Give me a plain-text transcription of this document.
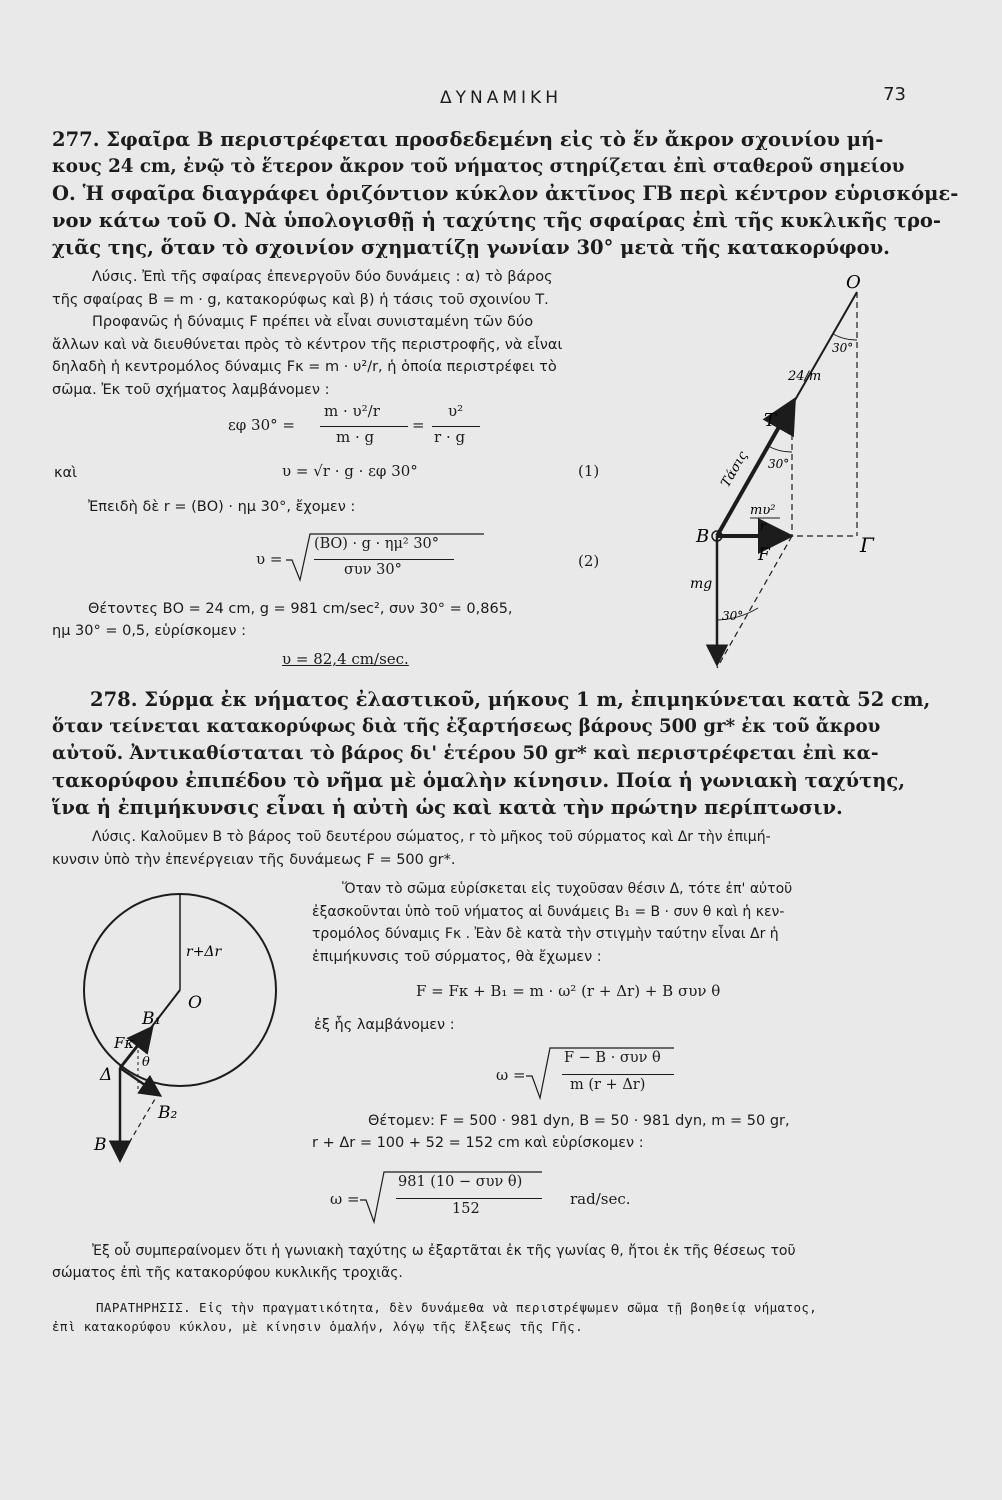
ΔΥΝΑΜΙΚΗ	73
277. Σφαῖρα Β περιστρέφεται προσδεδεμένη εἰς τὸ ἕν ἄκρον σχοινίου μή-
κους 24 cm, ἐνῷ τὸ ἕτερον ἄκρον τοῦ νήματος στηρίζεται ἐπὶ σταθεροῦ σημείου
Ο. Ἡ σφαῖρα διαγράφει ὁριζόντιον κύκλον ἀκτῖνος ΓΒ περὶ κέντρον εὑρισκόμε-
νον κάτω τοῦ Ο. Νὰ ὑπολογισθῇ ἡ ταχύτης τῆς σφαίρας ἐπὶ τῆς κυκλικῆς τρο-
χιᾶς της, ὅταν τὸ σχοινίον σχηματίζῃ γωνίαν 30° μετὰ τῆς κατακορύφου.
Λύσις. Ἐπὶ τῆς σφαίρας ἐπενεργοῦν δύο δυνάμεις : α) τὸ βάρος
τῆς σφαίρας Β = m · g, κατακορύφως καὶ β) ἡ τάσις τοῦ σχοινίου Τ.
Προφανῶς ἡ δύναμις F πρέπει νὰ εἶναι συνισταμένη τῶν δύο
ἄλλων καὶ νὰ διευθύνεται πρὸς τὸ κέντρον τῆς περιστροφῆς, νὰ εἶναι
δηλαδὴ ἡ κεντρομόλος δύναμις Fκ = m · υ²/r, ἡ ὁποία περιστρέφει τὸ
σῶμα. Ἐκ τοῦ σχήματος λαμβάνομεν :
εφ 30° =
m · υ²/r
m · g
=
υ²
r · g
καὶ	υ = √r · g · εφ 30°	(1)
Ἐπειδὴ δὲ r = (ΒΟ) · ημ 30°, ἔχομεν :
υ =
(ΒΟ) · g · ημ² 30°
συν 30°	(2)
Θέτοντες ΒΟ = 24 cm, g = 981 cm/sec², συν 30° = 0,865,
ημ 30° = 0,5, εὑρίσκομεν :
υ = 82,4 cm/sec.
O
30°
24/m
T
Τάσις 30°
mυ²
r
B
F	Γ
mg
30°
278. Σύρμα ἐκ νήματος ἐλαστικοῦ, μήκους 1 m, ἐπιμηκύνεται κατὰ 52 cm,
ὅταν τείνεται κατακορύφως διὰ τῆς ἐξαρτήσεως βάρους 500 gr* ἐκ τοῦ ἄκρου
αὐτοῦ. Ἀντικαθίσταται τὸ βάρος δι' ἑτέρου 50 gr* καὶ περιστρέφεται ἐπὶ κα-
τακορύφου ἐπιπέδου τὸ νῆμα μὲ ὁμαλὴν κίνησιν. Ποία ἡ γωνιακὴ ταχύτης,
ἵνα ἡ ἐπιμήκυνσις εἶναι ἡ αὐτὴ ὡς καὶ κατὰ τὴν πρώτην περίπτωσιν.
Λύσις. Καλοῦμεν Β τὸ βάρος τοῦ δευτέρου σώματος, r τὸ μῆκος τοῦ σύρματος καὶ Δr τὴν ἐπιμή-
κυνσιν ὑπὸ τὴν ἐπενέργειαν τῆς δυνάμεως F = 500 gr*.
Ὅταν τὸ σῶμα εὑρίσκεται εἰς τυχοῦσαν θέσιν Δ, τότε ἐπ' αὐτοῦ
ἐξασκοῦνται ὑπὸ τοῦ νήματος αἱ δυνάμεις Β₁ = Β · συν θ καὶ ἡ κεν-
τρομόλος δύναμις Fκ . Ἐὰν δὲ κατὰ τὴν στιγμὴν ταύτην εἶναι Δr ἡ
ἐπιμήκυνσις τοῦ σύρματος, θὰ ἔχωμεν :
F = Fκ + B₁ = m · ω² (r + Δr) + B συν θ
ἐξ ἧς λαμβάνομεν :
ω =
F − Β · συν θ
m (r + Δr)
Θέτομεν: F = 500 · 981 dyn, Β = 50 · 981 dyn, m = 50 gr,
r + Δr = 100 + 52 = 152 cm καὶ εὑρίσκομεν :
ω =
981 (10 − συν θ)
152
rad/sec.
Ἐξ οὗ συμπεραίνομεν ὅτι ἡ γωνιακὴ ταχύτης ω ἐξαρτᾶται ἐκ τῆς γωνίας θ, ἤτοι ἐκ τῆς θέσεως τοῦ
σώματος ἐπὶ τῆς κατακορύφου κυκλικῆς τροχιᾶς.
r+Δr
O
B₁
Fκ
θ
Δ
B₂
B
ΠΑΡΑΤΗΡΗΣΙΣ. Εἰς τὴν πραγματικότητα, δὲν δυνάμεθα νὰ περιστρέψωμεν σῶμα τῇ βοηθείᾳ νήματος,
ἐπὶ κατακορύφου κύκλου, μὲ κίνησιν ὁμαλήν, λόγῳ τῆς ἕλξεως τῆς Γῆς.
